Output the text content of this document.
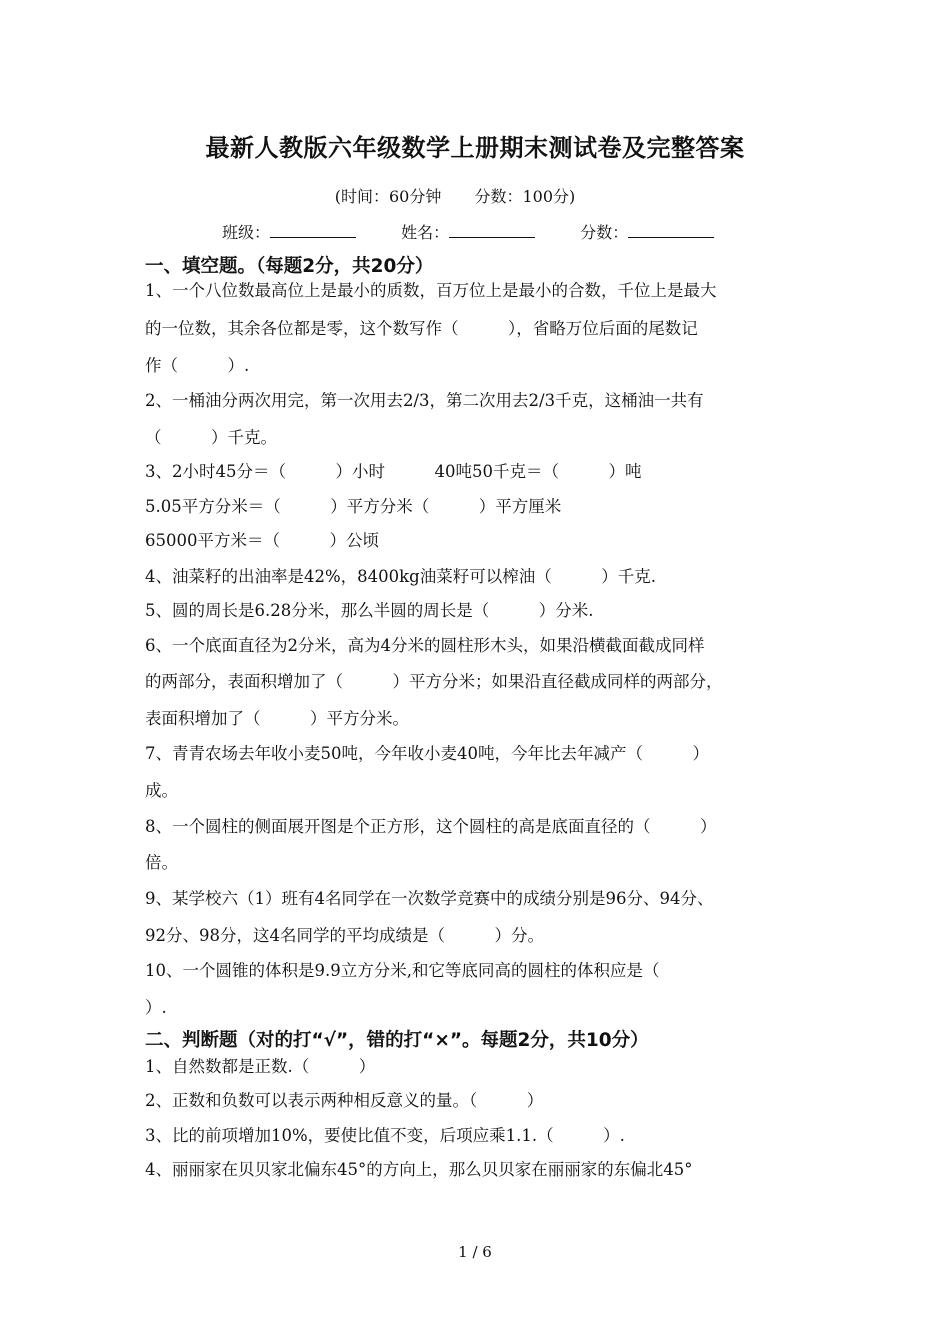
最新人教版六年级数学上册期末测试卷及完整答案
(时间：60分钟 分数：100分)
班级：	姓名：	分数：
一、填空题。（每题2分，共20分）
1、一个八位数最高位上是最小的质数，百万位上是最小的合数，千位上是最大
的一位数，其余各位都是零，这个数写作（　　　），省略万位后面的尾数记
作（　　　）.
2、一桶油分两次用完，第一次用去2/3，第二次用去2/3千克，这桶油一共有
（　　　）千克。
3、2小时45分＝（　　　）小时　　　40吨50千克＝（　　　）吨
5.05平方分米＝（　　　）平方分米（　　　）平方厘米
65000平方米＝（　　　）公顷
4、油菜籽的出油率是42%，8400kg油菜籽可以榨油（　　　）千克.
5、圆的周长是6.28分米，那么半圆的周长是（　　　）分米.
6、一个底面直径为2分米，高为4分米的圆柱形木头，如果沿横截面截成同样
的两部分，表面积增加了（　　　）平方分米；如果沿直径截成同样的两部分，
表面积增加了（　　　）平方分米。
7、青青农场去年收小麦50吨，今年收小麦40吨，今年比去年减产（　　　）
成。
8、一个圆柱的侧面展开图是个正方形，这个圆柱的高是底面直径的（　　　）
倍。
9、某学校六（1）班有4名同学在一次数学竞赛中的成绩分别是96分、94分、
92分、98分，这4名同学的平均成绩是（　　　）分。
10、一个圆锥的体积是9.9立方分米,和它等底同高的圆柱的体积应是（
）.
二、判断题（对的打“√”，错的打“×”。每题2分，共10分）
1、自然数都是正数.（　　　）
2、正数和负数可以表示两种相反意义的量。（　　　）
3、比的前项增加10%，要使比值不变，后项应乘1.1.（　　　）.
4、丽丽家在贝贝家北偏东45°的方向上，那么贝贝家在丽丽家的东偏北45°
1 / 6
